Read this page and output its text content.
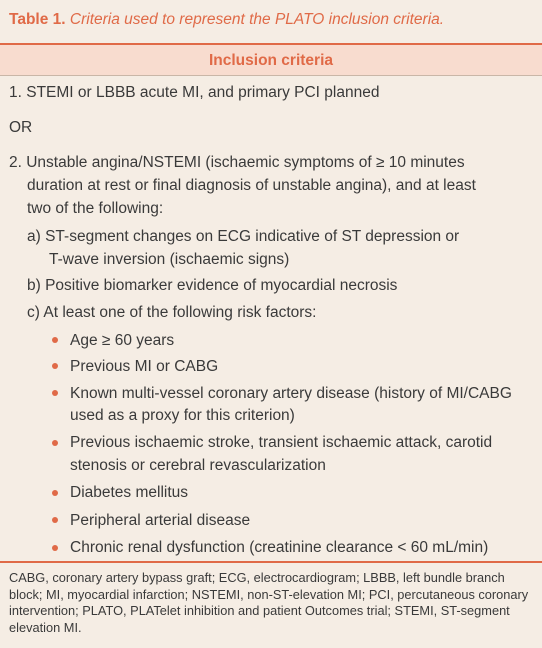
Table 1. Criteria used to represent the PLATO inclusion criteria.
Inclusion criteria
1. STEMI or LBBB acute MI, and primary PCI planned
OR
2. Unstable angina/NSTEMI (ischaemic symptoms of ≥ 10 minutes
duration at rest or final diagnosis of unstable angina), and at least
two of the following:
a) ST-segment changes on ECG indicative of ST depression or
T-wave inversion (ischaemic signs)
b) Positive biomarker evidence of myocardial necrosis
c) At least one of the following risk factors:
Age ≥ 60 years
Previous MI or CABG
Known multi-vessel coronary artery disease (history of MI/CABG
used as a proxy for this criterion)
Previous ischaemic stroke, transient ischaemic attack, carotid
stenosis or cerebral revascularization
Diabetes mellitus
Peripheral arterial disease
Chronic renal dysfunction (creatinine clearance < 60 mL/min)
CABG, coronary artery bypass graft; ECG, electrocardiogram; LBBB, left bundle branch block; MI, myocardial infarction; NSTEMI, non-ST-elevation MI; PCI, percutaneous coronary intervention; PLATO, PLATelet inhibition and patient Outcomes trial; STEMI, ST-segment elevation MI.
